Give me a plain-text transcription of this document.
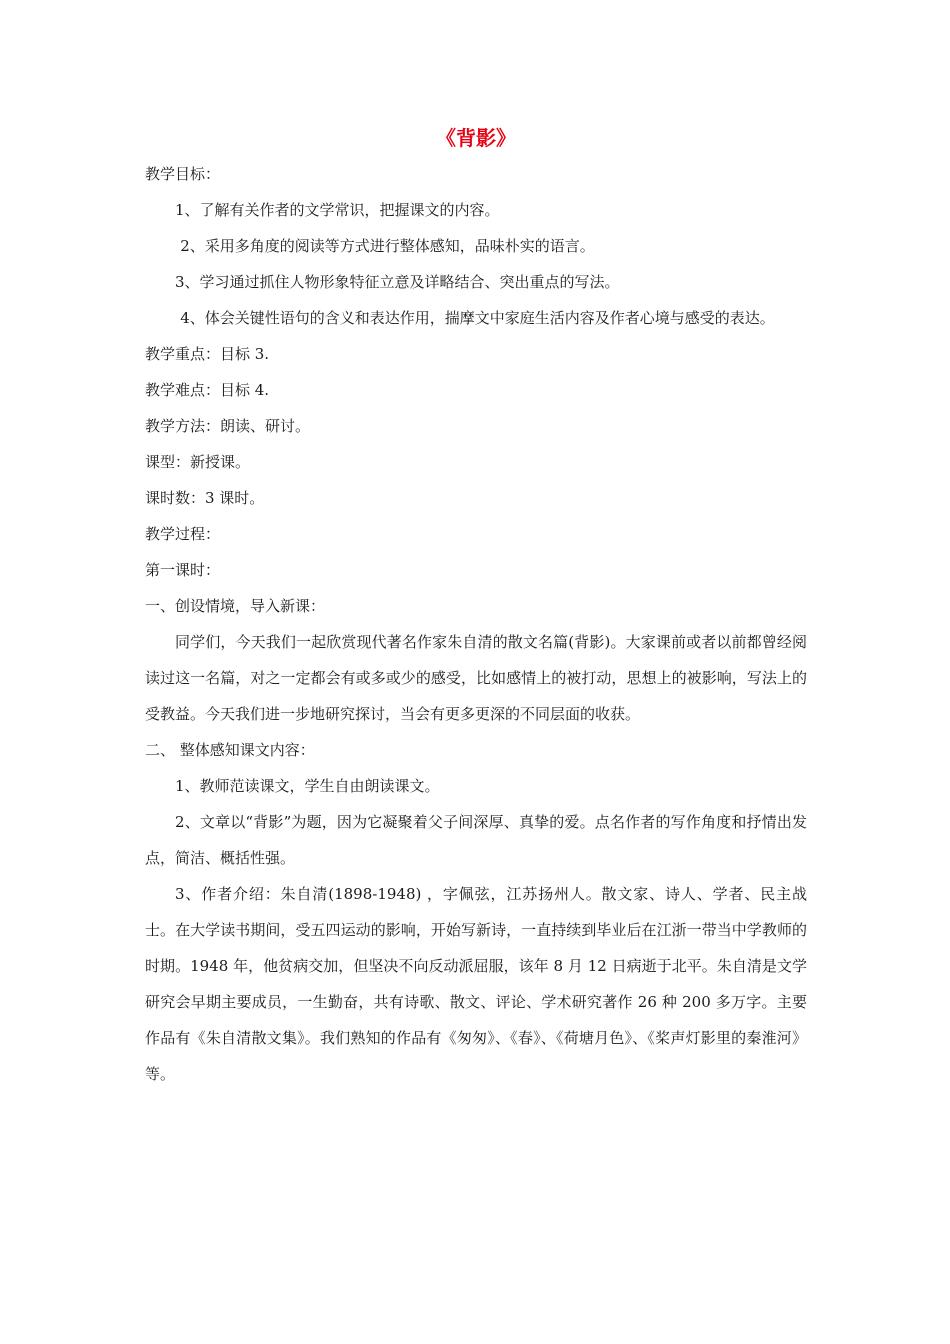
《背影》

教学目标：

1、了解有关作者的文学常识，把握课文的内容。

2、采用多角度的阅读等方式进行整体感知，品味朴实的语言。

3、学习通过抓住人物形象特征立意及详略结合、突出重点的写法。

4、体会关键性语句的含义和表达作用，揣摩文中家庭生活内容及作者心境与感受的表达。

教学重点：目标 3.

教学难点：目标 4.

教学方法：朗读、研讨。

课型：新授课。

课时数：3 课时。

教学过程：

第一课时：

一、创设情境，导入新课：

同学们，今天我们一起欣赏现代著名作家朱自清的散文名篇(背影)。大家课前或者以前都曾经阅读过这一名篇，对之一定都会有或多或少的感受，比如感情上的被打动，思想上的被影响，写法上的受教益。今天我们进一步地研究探讨，当会有更多更深的不同层面的收获。

二、 整体感知课文内容：

1、教师范读课文，学生自由朗读课文。

2、文章以“背影”为题，因为它凝聚着父子间深厚、真挚的爱。点名作者的写作角度和抒情出发点，简洁、概括性强。

3、作者介绍：朱自清(1898-1948) ，字佩弦，江苏扬州人。散文家、诗人、学者、民主战士。在大学读书期间，受五四运动的影响，开始写新诗，一直持续到毕业后在江浙一带当中学教师的时期。1948 年，他贫病交加，但坚决不向反动派屈服，该年 8 月 12 日病逝于北平。朱自清是文学研究会早期主要成员，一生勤奋，共有诗歌、散文、评论、学术研究著作 26 种 200 多万字。主要作品有《朱自清散文集》。我们熟知的作品有《匆匆》、《春》、《荷塘月色》、《桨声灯影里的秦淮河》等。
